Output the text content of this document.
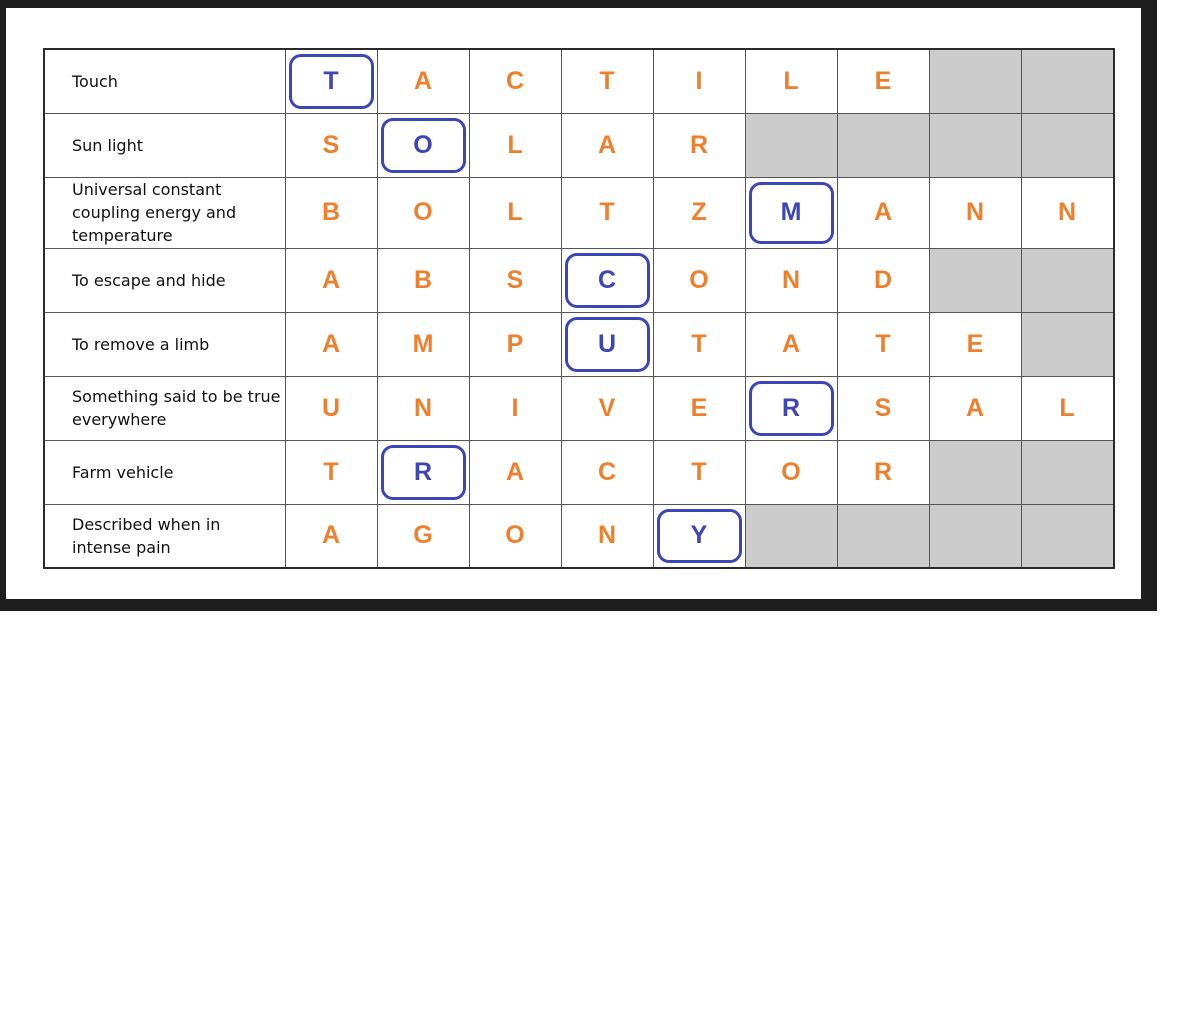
Touch	T	A	C	T	I	L	E		
Sun light	S	O	L	A	R				
Universal constant coupling energy and temperature	B	O	L	T	Z	M	A	N	N
To escape and hide	A	B	S	C	O	N	D		
To remove a limb	A	M	P	U	T	A	T	E	
Something said to be true everywhere	U	N	I	V	E	R	S	A	L
Farm vehicle	T	R	A	C	T	O	R		
Described when in intense pain	A	G	O	N	Y				
